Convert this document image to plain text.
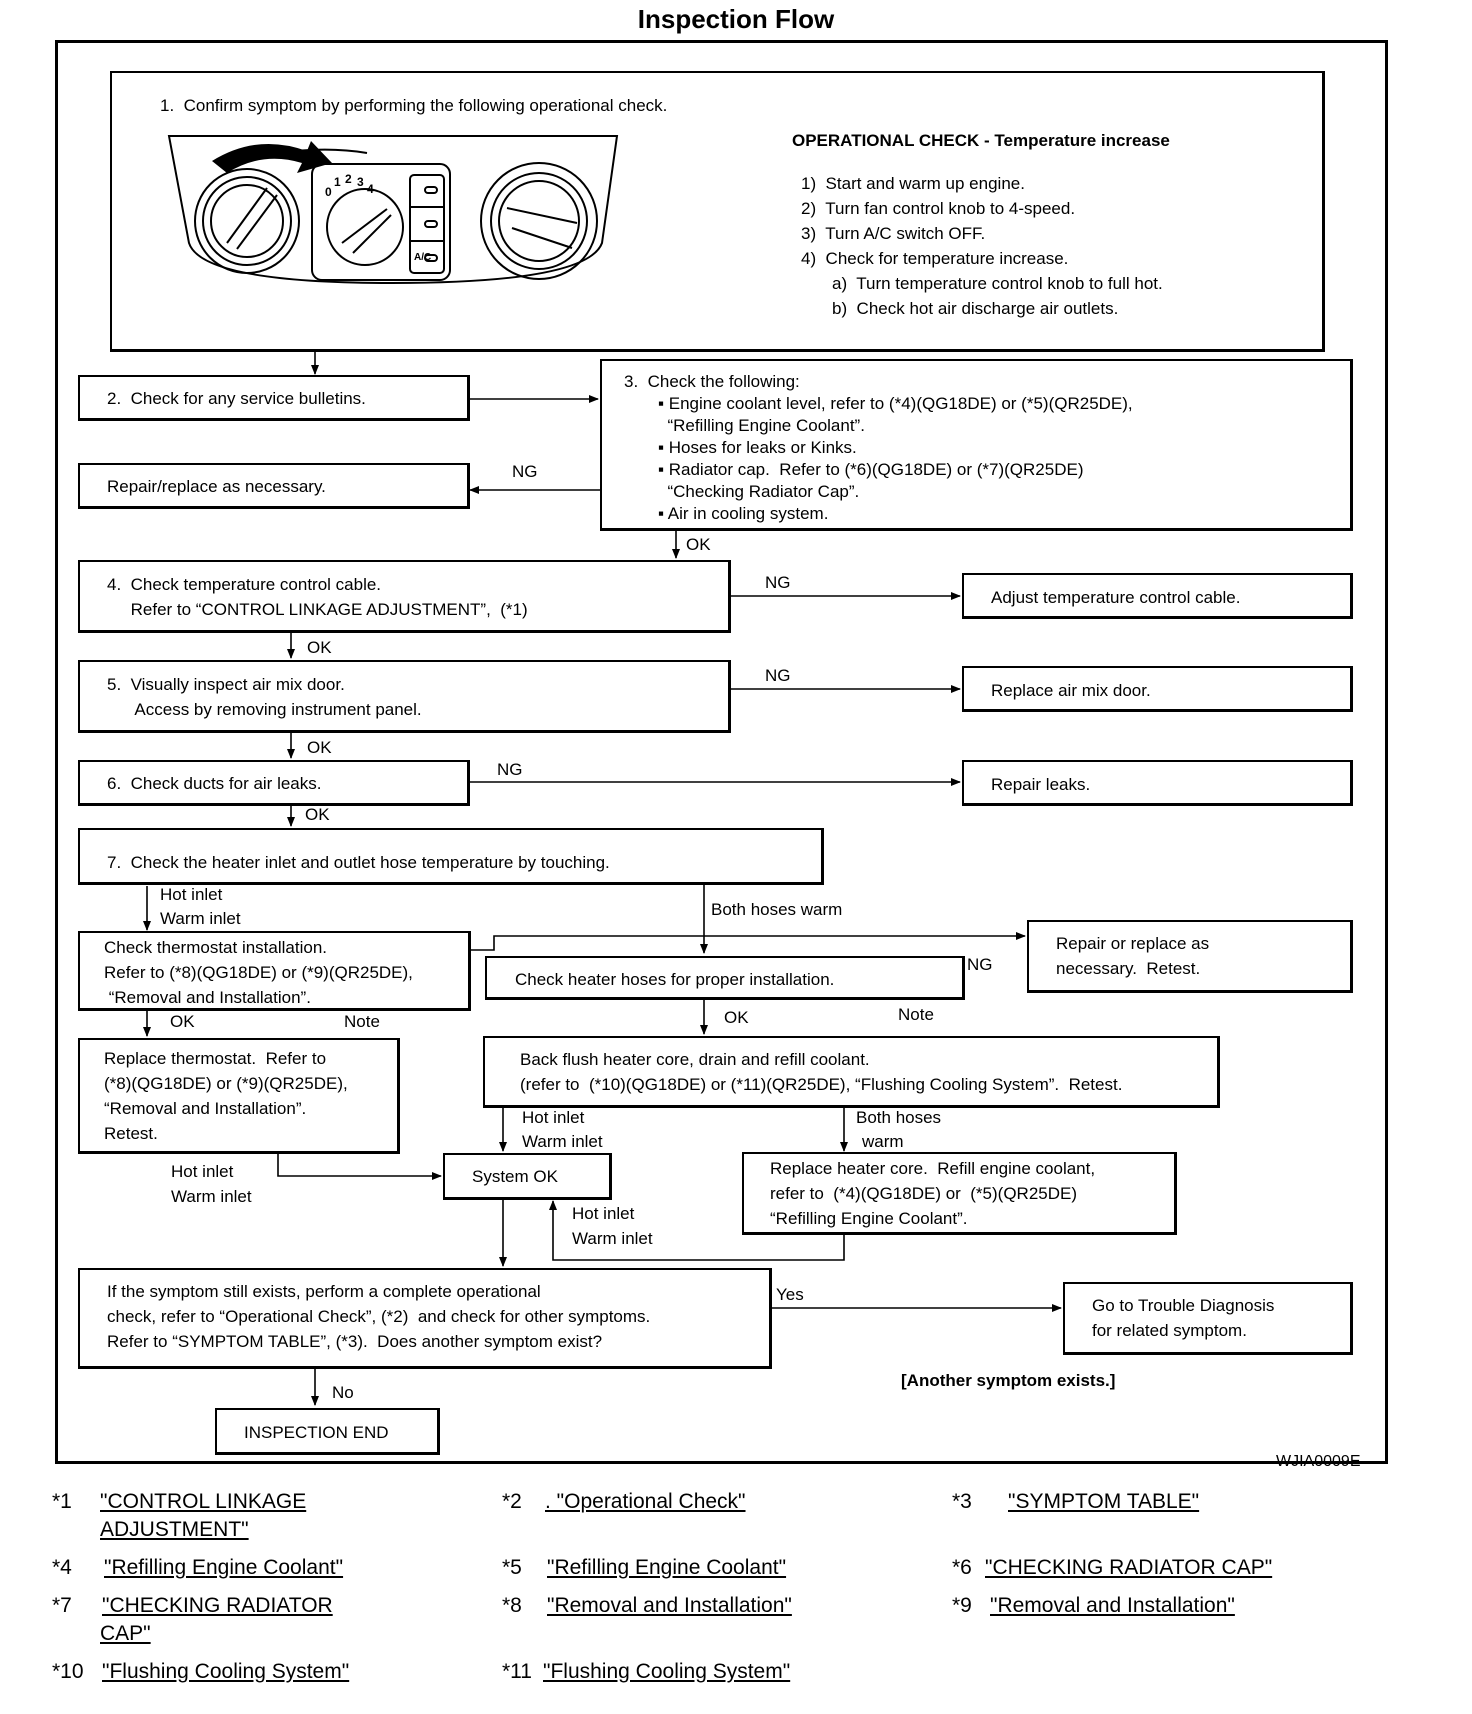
Inspection Flow
1.  Confirm symptom by performing the following operational check.
0
1 2 3 4
A/C
OPERATIONAL CHECK - Temperature increase
1)  Start and warm up engine.
2)  Turn fan control knob to 4-speed.
3)  Turn A/C switch OFF.
4)  Check for temperature increase.
a)  Turn temperature control knob to full hot.
b)  Check hot air discharge air outlets.
2.  Check for any service bulletins.
Repair/replace as necessary.
NG
3.  Check the following:
▪ Engine coolant level, refer to (*4)(QG18DE) or (*5)(QR25DE),
“Refilling Engine Coolant”.
▪ Hoses for leaks or Kinks.
▪ Radiator cap.  Refer to (*6)(QG18DE) or (*7)(QR25DE)
“Checking Radiator Cap”.
▪ Air in cooling system.
OK
4.  Check temperature control cable.
Refer to “CONTROL LINKAGE ADJUSTMENT”,  (*1)
NG
Adjust temperature control cable.
OK
5.  Visually inspect air mix door.
Access by removing instrument panel.
NG
Replace air mix door.
OK
6.  Check ducts for air leaks.
NG
Repair leaks.
OK
7.  Check the heater inlet and outlet hose temperature by touching.
Hot inlet
Warm inlet	Both hoses warm
Check thermostat installation.
Refer to (*8)(QG18DE) or (*9)(QR25DE),
“Removal and Installation”.
Check heater hoses for proper installation.
NG
Repair or replace as
necessary.  Retest.
OK	Note	OK	Note
Replace thermostat.  Refer to
(*8)(QG18DE) or (*9)(QR25DE),
“Removal and Installation”.
Retest.
Back flush heater core, drain and refill coolant.
(refer to  (*10)(QG18DE) or (*11)(QR25DE), “Flushing Cooling System”.  Retest.
Hot inlet
Warm inlet
Both hoses
warm
Hot inlet
Warm inlet
System OK
Hot inlet
Warm inlet
Replace heater core.  Refill engine coolant,
refer to  (*4)(QG18DE) or  (*5)(QR25DE)
“Refilling Engine Coolant”.
If the symptom still exists, perform a complete operational
check, refer to “Operational Check”, (*2)  and check for other symptoms.
Refer to “SYMPTOM TABLE”, (*3).  Does another symptom exist?
Yes
Go to Trouble Diagnosis
for related symptom.
[Another symptom exists.]
No
INSPECTION END
WJIA0009E
*1 "CONTROL LINKAGE
ADJUSTMENT"
*2 . "Operational Check"	*3 "SYMPTOM TABLE"
*4 "Refilling Engine Coolant"	*5 "Refilling Engine Coolant"	*6 "CHECKING RADIATOR CAP"
*7 "CHECKING RADIATOR
CAP"
*8 "Removal and Installation"	*9 "Removal and Installation"
*10 "Flushing Cooling System"	*11 "Flushing Cooling System"
